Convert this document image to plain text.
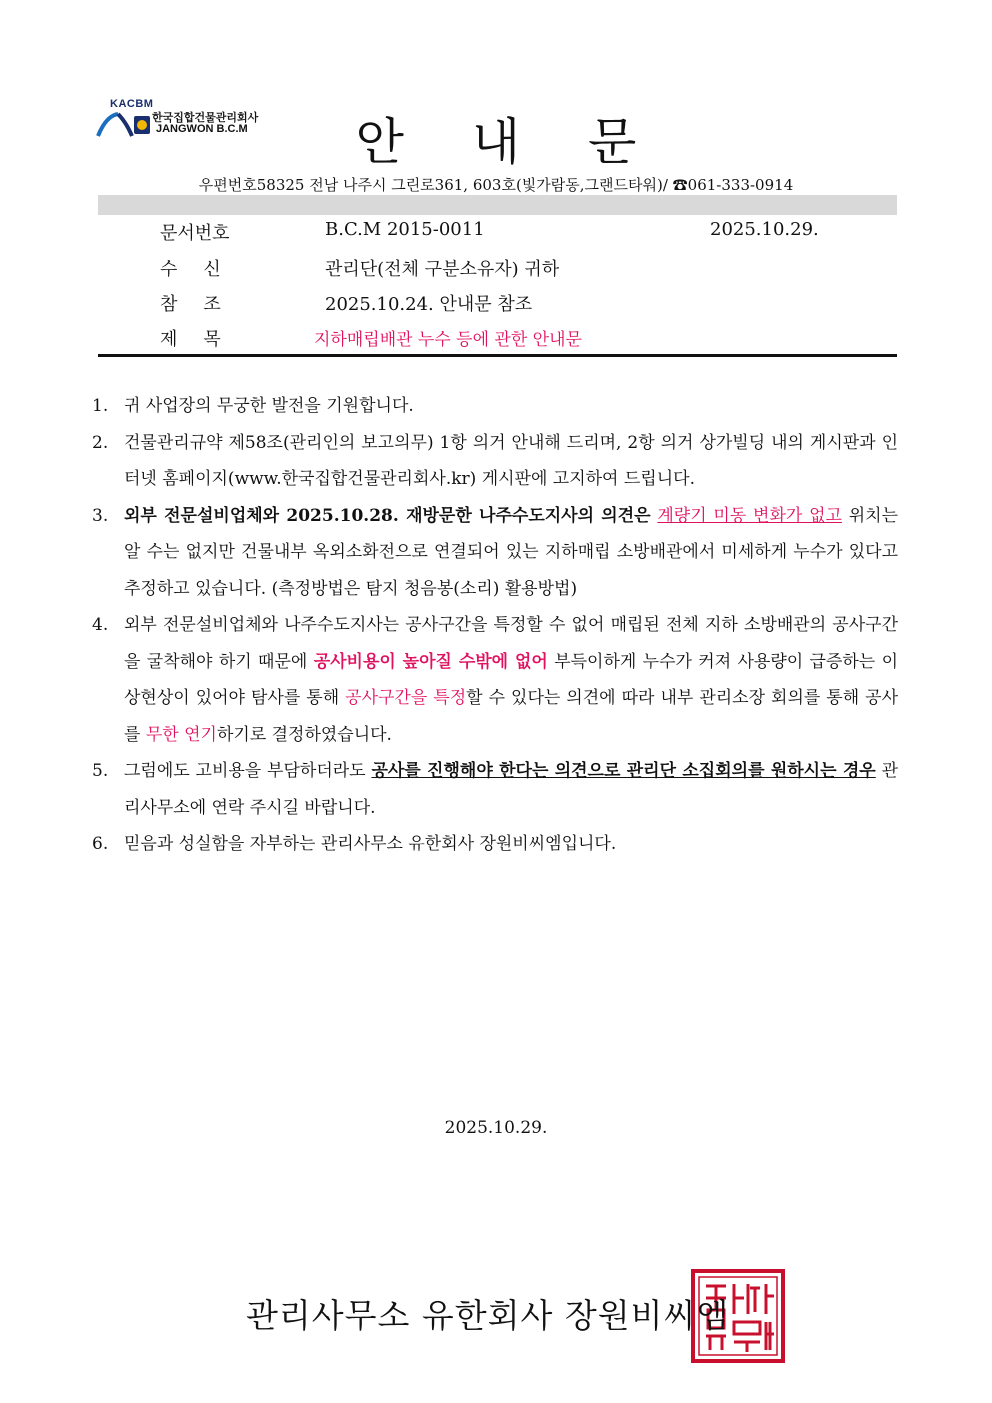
KACBM
한국집합건물관리회사
JANGWON B.C.M	안 내 문
우편번호58325 전남 나주시 그린로361, 603호(빛가람동,그랜드타워)/ ☎061-333-0914
문서번호	B.C.M 2015-0011	2025.10.29.
수신	관리단(전체 구분소유자) 귀하
참조	2025.10.24. 안내문 참조
제목	지하매립배관 누수 등에 관한 안내문
1. 귀 사업장의 무궁한 발전을 기원합니다.
2. 건물관리규약 제58조(관리인의 보고의무) 1항 의거 안내해 드리며, 2항 의거 상가빌딩 내의 게시판과 인터넷 홈페이지(www.한국집합건물관리회사.kr) 게시판에 고지하여 드립니다.
3. 외부 전문설비업체와 2025.10.28. 재방문한 나주수도지사의 의견은 계량기 미동 변화가 없고 위치는 알 수는 없지만 건물내부 옥외소화전으로 연결되어 있는 지하매립 소방배관에서 미세하게 누수가 있다고 추정하고 있습니다. (측정방법은 탐지 청음봉(소리) 활용방법)
4. 외부 전문설비업체와 나주수도지사는 공사구간을 특정할 수 없어 매립된 전체 지하 소방배관의 공사구간을 굴착해야 하기 때문에 공사비용이 높아질 수밖에 없어 부득이하게 누수가 커져 사용량이 급증하는 이상현상이 있어야 탐사를 통해 공사구간을 특정할 수 있다는 의견에 따라 내부 관리소장 회의를 통해 공사를 무한 연기하기로 결정하였습니다.
5. 그럼에도 고비용을 부담하더라도 공사를 진행해야 한다는 의견으로 관리단 소집회의를 원하시는 경우 관리사무소에 연락 주시길 바랍니다.
6. 믿음과 성실함을 자부하는 관리사무소 유한회사 장원비씨엠입니다.
2025.10.29.
관리사무소 유한회사 장원비씨엠
